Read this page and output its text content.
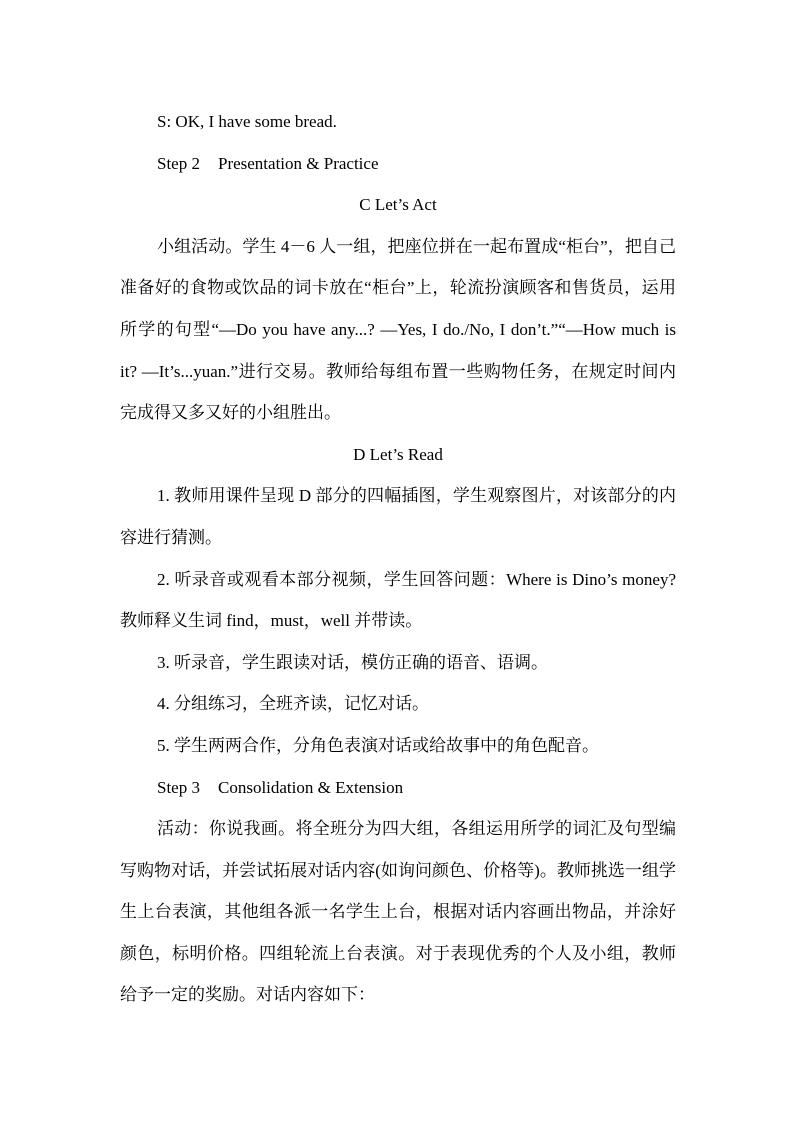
S: OK, I have some bread.

Step 2 Presentation & Practice

C Let’s Act

小组活动。学生 4－6 人一组，把座位拼在一起布置成“柜台”，把自己准备好的食物或饮品的词卡放在“柜台”上，轮流扮演顾客和售货员，运用所学的句型“—Do you have any...? —Yes, I do./No, I don’t.”“—How much is it? —It’s...yuan.”进行交易。教师给每组布置一些购物任务，在规定时间内完成得又多又好的小组胜出。

D Let’s Read

1. 教师用课件呈现 D 部分的四幅插图，学生观察图片，对该部分的内容进行猜测。

2. 听录音或观看本部分视频，学生回答问题：Where is Dino’s money? 教师释义生词 find，must，well 并带读。

3. 听录音，学生跟读对话，模仿正确的语音、语调。

4. 分组练习，全班齐读，记忆对话。

5. 学生两两合作，分角色表演对话或给故事中的角色配音。

Step 3 Consolidation & Extension

活动：你说我画。将全班分为四大组，各组运用所学的词汇及句型编写购物对话，并尝试拓展对话内容(如询问颜色、价格等)。教师挑选一组学生上台表演，其他组各派一名学生上台，根据对话内容画出物品，并涂好颜色，标明价格。四组轮流上台表演。对于表现优秀的个人及小组，教师给予一定的奖励。对话内容如下：
